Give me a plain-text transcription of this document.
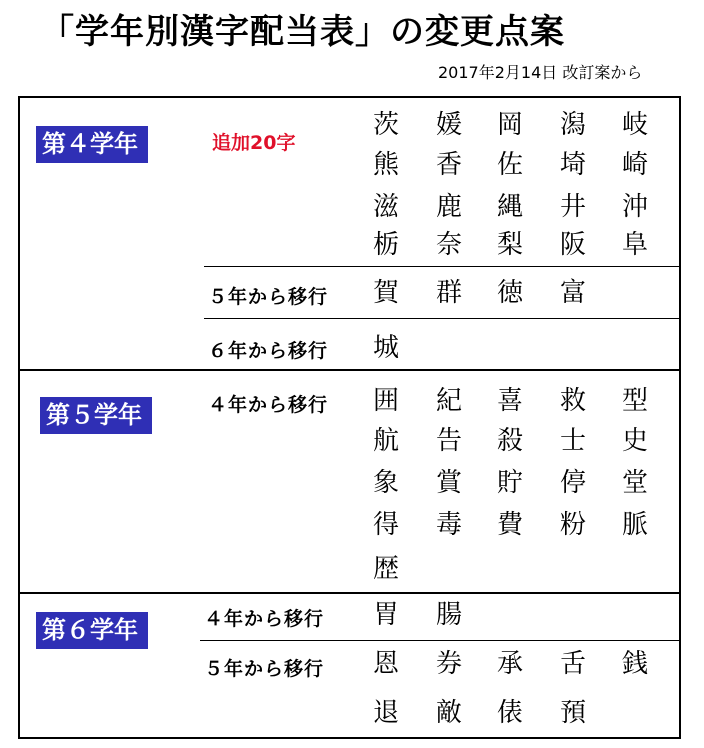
「学年別漢字配当表」の変更点案
2017年2月14日 改訂案から
第４学年	追加20字
茨 媛 岡 潟 岐
熊 香 佐 埼 崎
滋 鹿 縄 井 沖
栃 奈 梨 阪 阜
５年から移行 賀 群 徳 富
６年から移行 城
第５学年	４年から移行 囲 紀 喜 救 型
航 告 殺 士 史
象 賞 貯 停 堂
得 毒 費 粉 脈
歴
第６学年	４年から移行 胃 腸
５年から移行 恩 券 承 舌 銭
退 敵 俵 預
